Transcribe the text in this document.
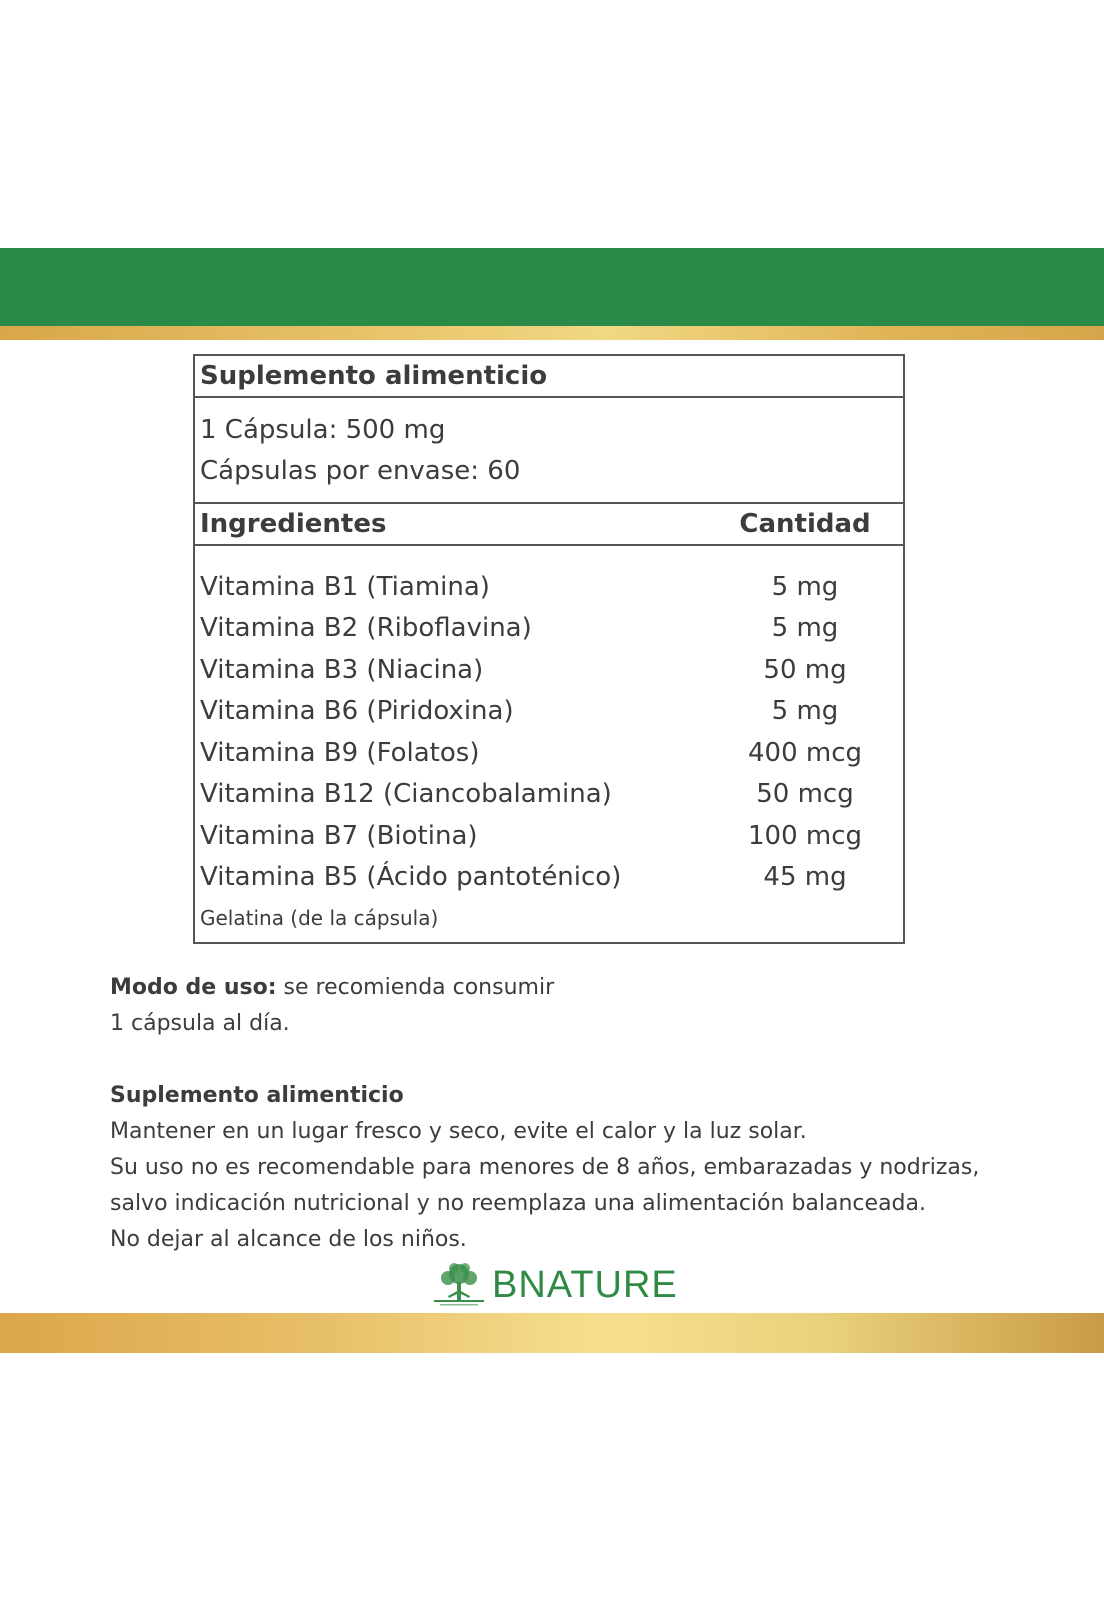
Suplemento alimenticio
1 Cápsula: 500 mg
Cápsulas por envase: 60
Ingredientes	Cantidad
Vitamina B1 (Tiamina)	5 mg
Vitamina B2 (Riboflavina)	5 mg
Vitamina B3 (Niacina)	50 mg
Vitamina B6 (Piridoxina)	5 mg
Vitamina B9 (Folatos)	400 mcg
Vitamina B12 (Ciancobalamina)	50 mcg
Vitamina B7 (Biotina)	100 mcg
Vitamina B5 (Ácido pantoténico)	45 mg
Gelatina (de la cápsula)
Modo de uso: se recomienda consumir
1 cápsula al día.
Suplemento alimenticio
Mantener en un lugar fresco y seco, evite el calor y la luz solar.
Su uso no es recomendable para menores de 8 años, embarazadas y nodrizas,
salvo indicación nutricional y no reemplaza una alimentación balanceada.
No dejar al alcance de los niños.
BNATURE
